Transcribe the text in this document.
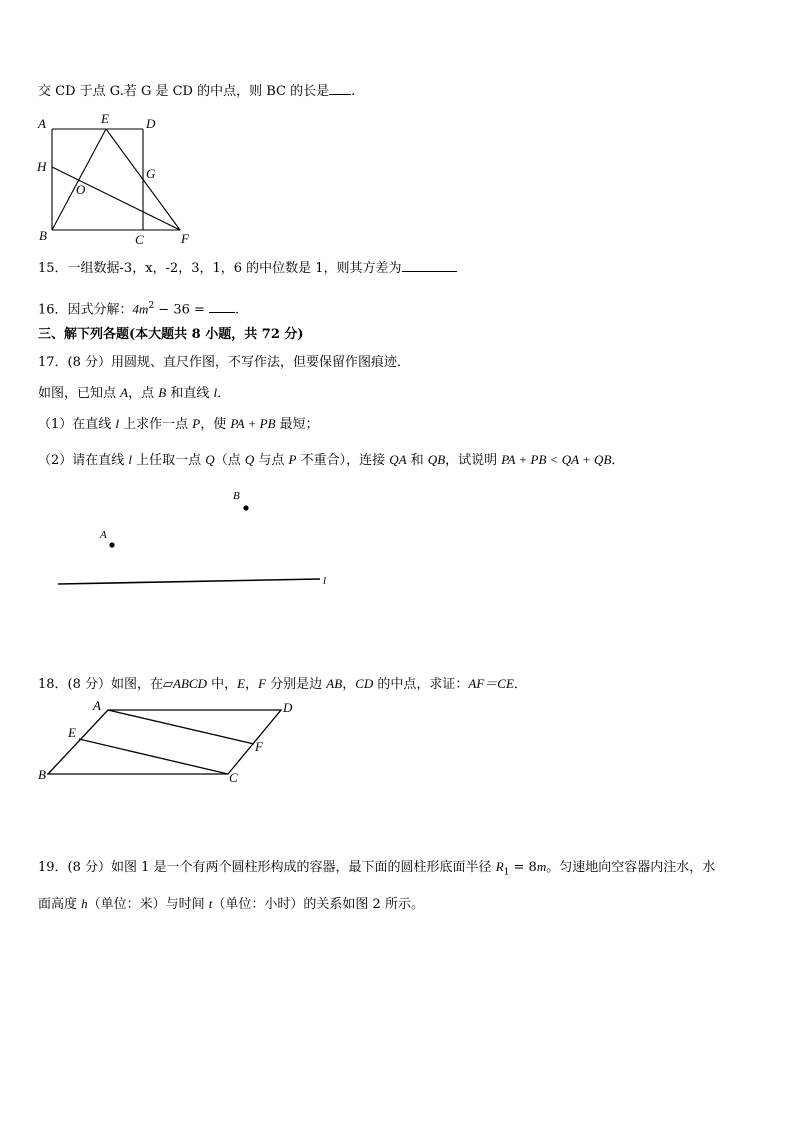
交 CD 于点 G.若 G 是 CD 的中点，则 BC 的长是 .
A	E	D
H	G
O
B	C	F
15．一组数据-3，x，-2，3，1，6 的中位数是 1，则其方差为
16．因式分解：$4m^2 - 36$ = .
三、解下列各题(本大题共 8 小题，共 72 分)
17．(8 分）用圆规、直尺作图，不写作法，但要保留作图痕迹．
如图，已知点 A，点 B 和直线 l．
（1）在直线 l 上求作一点 P，使 PA + PB 最短；
（2）请在直线 l 上任取一点 Q（点 Q 与点 P 不重合），连接 QA 和 QB，试说明 PA + PB < QA + QB．
B
A
l
18．(8 分）如图，在▱ABCD 中，E，F 分别是边 AB，CD 的中点，求证：AF＝CE．
A	D
E
F
B	C
19．(8 分）如图 1 是一个有两个圆柱形构成的容器，最下面的圆柱形底面半径 $R_1 = 8m$。匀速地向空容器内注水，水
面高度 h（单位：米）与时间 t（单位：小时）的关系如图 2 所示。
